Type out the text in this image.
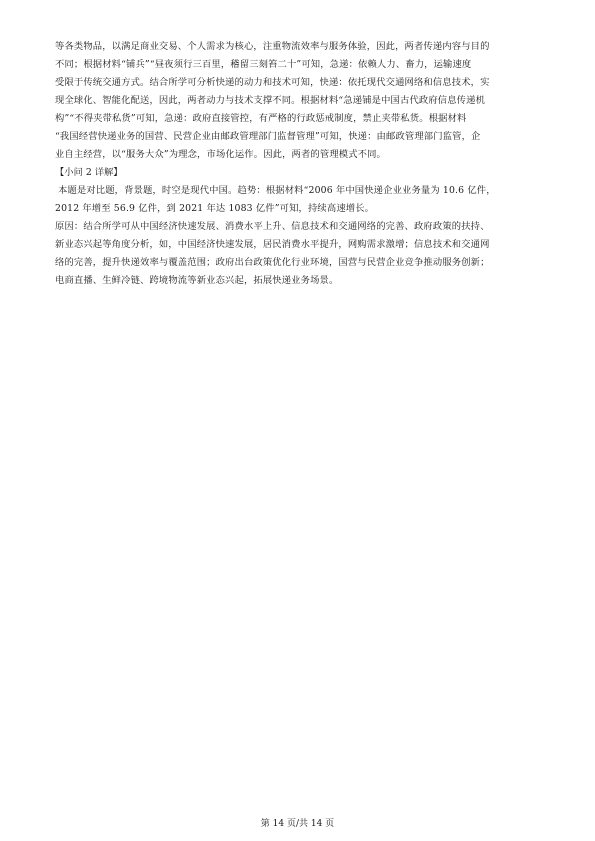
等各类物品，以满足商业交易、个人需求为核心，注重物流效率与服务体验，因此，两者传递内容与目的
不同；根据材料“铺兵”“昼夜须行三百里，稽留三刻笞二十”可知，急递：依赖人力、畜力，运输速度
受限于传统交通方式。结合所学可分析快递的动力和技术可知，快递：依托现代交通网络和信息技术，实
现全球化、智能化配送，因此，两者动力与技术支撑不同。根据材料“急递铺是中国古代政府信息传递机
构”“不得夹带私货”可知，急递：政府直接管控，有严格的行政惩戒制度，禁止夹带私货。根据材料
“我国经营快递业务的国营、民营企业由邮政管理部门监督管理”可知，快递：由邮政管理部门监管，企
业自主经营，以“服务大众”为理念，市场化运作。因此，两者的管理模式不同。
【小问 2 详解】
本题是对比题，背景题，时空是现代中国。趋势：根据材料“2006 年中国快递企业业务量为 10.6 亿件，
2012 年增至 56.9 亿件，到 2021 年达 1083 亿件”可知，持续高速增长。
原因：结合所学可从中国经济快速发展、消费水平上升、信息技术和交通网络的完善、政府政策的扶持、
新业态兴起等角度分析，如，中国经济快速发展，居民消费水平提升，网购需求激增；信息技术和交通网
络的完善，提升快递效率与覆盖范围；政府出台政策优化行业环境，国营与民营企业竞争推动服务创新；
电商直播、生鲜冷链、跨境物流等新业态兴起，拓展快递业务场景。
第 14 页/共 14 页
